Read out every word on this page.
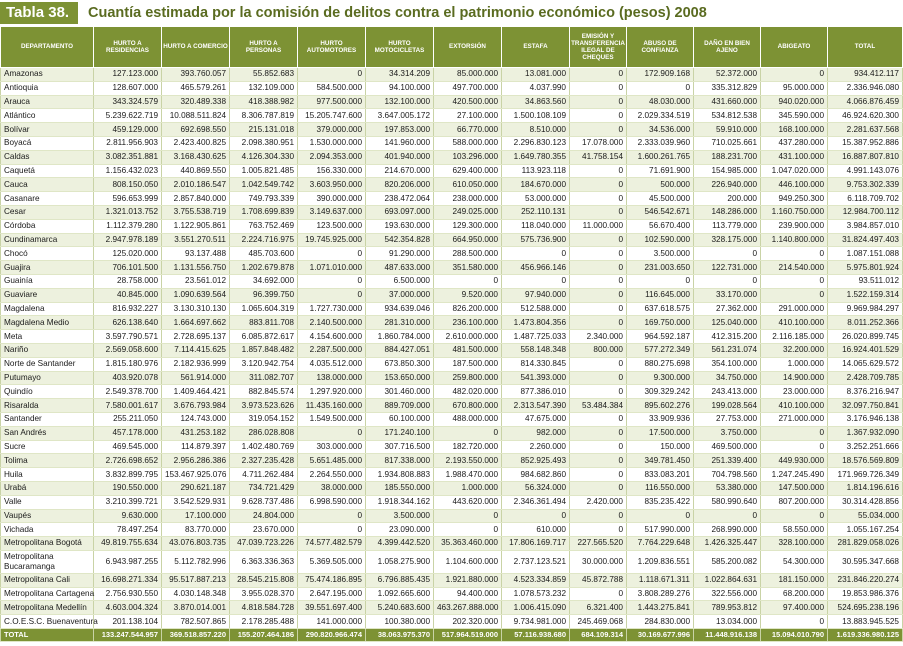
Tabla 38.	Cuantía estimada por la comisión de delitos contra el patrimonio económico (pesos) 2008
DEPARTAMENTO	HURTO A RESIDENCIAS	HURTO A COMERCIO	HURTO A PERSONAS	HURTO AUTOMOTORES	HURTO MOTOCICLETAS	EXTORSIÓN	ESTAFA	EMISIÓN Y TRANSFERENCIA ILEGAL DE CHEQUES	ABUSO DE CONFIANZA	DAÑO EN BIEN AJENO	ABIGEATO	TOTAL
Amazonas	127.123.000	393.760.057	55.852.683	0	34.314.209	85.000.000	13.081.000	0	172.909.168	52.372.000	0	934.412.117
Antioquia	128.607.000	465.579.261	132.109.000	584.500.000	94.100.000	497.700.000	4.037.990	0	0	335.312.829	95.000.000	2.336.946.080
Arauca	343.324.579	320.489.338	418.388.982	977.500.000	132.100.000	420.500.000	34.863.560	0	48.030.000	431.660.000	940.020.000	4.066.876.459
Atlántico	5.239.622.719	10.088.511.824	8.306.787.819	15.205.747.600	3.647.005.172	27.100.000	1.500.108.109	0	2.029.334.519	534.812.538	345.590.000	46.924.620.300
Bolívar	459.129.000	692.698.550	215.131.018	379.000.000	197.853.000	66.770.000	8.510.000	0	34.536.000	59.910.000	168.100.000	2.281.637.568
Boyacá	2.811.956.903	2.423.400.825	2.098.380.951	1.530.000.000	141.960.000	588.000.000	2.296.830.123	17.078.000	2.333.039.960	710.025.661	437.280.000	15.387.952.886
Caldas	3.082.351.881	3.168.430.625	4.126.304.330	2.094.353.000	401.940.000	103.296.000	1.649.780.355	41.758.154	1.600.261.765	188.231.700	431.100.000	16.887.807.810
Caquetá	1.156.432.023	440.869.550	1.005.821.485	156.330.000	214.670.000	629.400.000	113.923.118	0	71.691.900	154.985.000	1.047.020.000	4.991.143.076
Cauca	808.150.050	2.010.186.547	1.042.549.742	3.603.950.000	820.206.000	610.050.000	184.670.000	0	500.000	226.940.000	446.100.000	9.753.302.339
Casanare	596.653.999	2.857.840.000	749.793.339	390.000.000	238.472.064	238.000.000	53.000.000	0	45.500.000	200.000	949.250.300	6.118.709.702
Cesar	1.321.013.752	3.755.538.719	1.708.699.839	3.149.637.000	693.097.000	249.025.000	252.110.131	0	546.542.671	148.286.000	1.160.750.000	12.984.700.112
Córdoba	1.112.379.280	1.122.905.861	763.752.469	123.500.000	193.630.000	129.300.000	118.040.000	11.000.000	56.670.400	113.779.000	239.900.000	3.984.857.010
Cundinamarca	2.947.978.189	3.551.270.511	2.224.716.975	19.745.925.000	542.354.828	664.950.000	575.736.900	0	102.590.000	328.175.000	1.140.800.000	31.824.497.403
Chocó	125.020.000	93.137.488	485.703.600	0	91.290.000	288.500.000	0	0	3.500.000	0	0	1.087.151.088
Guajira	706.101.500	1.131.556.750	1.202.679.878	1.071.010.000	487.633.000	351.580.000	456.966.146	0	231.003.650	122.731.000	214.540.000	5.975.801.924
Guainía	28.758.000	23.561.012	34.692.000	0	6.500.000	0	0	0	0	0	0	93.511.012
Guaviare	40.845.000	1.090.639.564	96.399.750	0	37.000.000	9.520.000	97.940.000	0	116.645.000	33.170.000	0	1.522.159.314
Magdalena	816.932.227	3.130.310.130	1.065.604.319	1.727.730.000	934.639.046	826.200.000	512.588.000	0	637.618.575	27.362.000	291.000.000	9.969.984.297
Magdalena Medio	626.138.640	1.664.697.662	883.811.708	2.140.500.000	281.310.000	236.100.000	1.473.804.356	0	169.750.000	125.040.000	410.100.000	8.011.252.366
Meta	3.597.790.571	2.728.695.137	6.085.872.617	4.154.600.000	1.860.784.000	2.610.000.000	1.487.725.033	2.340.000	964.592.187	412.315.200	2.116.185.000	26.020.899.745
Nariño	2.569.058.600	7.114.415.625	1.857.848.482	2.287.500.000	884.427.051	481.500.000	558.148.348	800.000	577.272.349	561.231.074	32.200.000	16.924.401.529
Norte de Santander	1.815.180.976	2.182.936.999	3.120.942.754	4.035.512.000	673.850.300	187.500.000	814.330.845	0	880.275.698	354.100.000	1.000.000	14.065.629.572
Putumayo	403.920.078	561.914.000	311.082.707	138.000.000	153.650.000	259.800.000	541.393.000	0	9.300.000	34.750.000	14.900.000	2.428.709.785
Quindío	2.549.378.700	1.409.464.421	882.845.574	1.297.920.000	301.460.000	482.020.000	877.386.010	0	309.329.242	243.413.000	23.000.000	8.376.216.947
Risaralda	7.580.001.617	3.676.793.984	3.973.523.626	11.435.160.000	889.709.000	670.800.000	2.313.547.390	53.484.384	895.602.276	199.028.564	410.100.000	32.097.750.841
Santander	255.211.050	124.743.000	319.054.152	1.549.500.000	60.100.000	488.000.000	47.675.000	0	33.909.936	27.753.000	271.000.000	3.176.946.138
San Andrés	457.178.000	431.253.182	286.028.808	0	171.240.100	0	982.000	0	17.500.000	3.750.000	0	1.367.932.090
Sucre	469.545.000	114.879.397	1.402.480.769	303.000.000	307.716.500	182.720.000	2.260.000	0	150.000	469.500.000	0	3.252.251.666
Tolima	2.726.698.652	2.956.286.386	2.327.235.428	5.651.485.000	817.338.000	2.193.550.000	852.925.493	0	349.781.450	251.339.400	449.930.000	18.576.569.809
Huila	3.832.899.795	153.467.925.076	4.711.262.484	2.264.550.000	1.934.808.883	1.988.470.000	984.682.860	0	833.083.201	704.798.560	1.247.245.490	171.969.726.349
Urabá	190.550.000	290.621.187	734.721.429	38.000.000	185.550.000	1.000.000	56.324.000	0	116.550.000	53.380.000	147.500.000	1.814.196.616
Valle	3.210.399.721	3.542.529.931	9.628.737.486	6.998.590.000	1.918.344.162	443.620.000	2.346.361.494	2.420.000	835.235.422	580.990.640	807.200.000	30.314.428.856
Vaupés	9.630.000	17.100.000	24.804.000	0	3.500.000	0	0	0	0	0	0	55.034.000
Vichada	78.497.254	83.770.000	23.670.000	0	23.090.000	0	610.000	0	517.990.000	268.990.000	58.550.000	1.055.167.254
Metropolitana Bogotá	49.819.755.634	43.076.803.735	47.039.723.226	74.577.482.579	4.399.442.520	35.363.460.000	17.806.169.717	227.565.520	7.764.229.648	1.426.325.447	328.100.000	281.829.058.026
Metropolitana Bucaramanga	6.943.987.255	5.112.782.996	6.363.336.363	5.369.505.000	1.058.275.900	1.104.600.000	2.737.123.521	30.000.000	1.209.836.551	585.200.082	54.300.000	30.595.347.668
Metropolitana Cali	16.698.271.334	95.517.887.213	28.545.215.808	75.474.186.895	6.796.885.435	1.921.880.000	4.523.334.859	45.872.788	1.118.671.311	1.022.864.631	181.150.000	231.846.220.274
Metropolitana Cartagena	2.756.930.550	4.030.148.348	3.955.028.370	2.647.195.000	1.092.665.600	94.400.000	1.078.573.232	0	3.808.289.276	322.556.000	68.200.000	19.853.986.376
Metropolitana Medellín	4.603.004.324	3.870.014.001	4.818.584.728	39.551.697.400	5.240.683.600	463.267.888.000	1.006.415.090	6.321.400	1.443.275.841	789.953.812	97.400.000	524.695.238.196
C.O.E.S.C. Buenaventura	201.138.104	782.507.865	2.178.285.488	141.000.000	100.380.000	202.320.000	9.734.981.000	245.469.068	284.830.000	13.034.000	0	13.883.945.525
TOTAL	133.247.544.957	369.518.857.220	155.207.464.186	290.820.966.474	38.063.975.370	517.964.519.000	57.116.938.680	684.109.314	30.169.677.996	11.448.916.138	15.094.010.790	1.619.336.980.125
